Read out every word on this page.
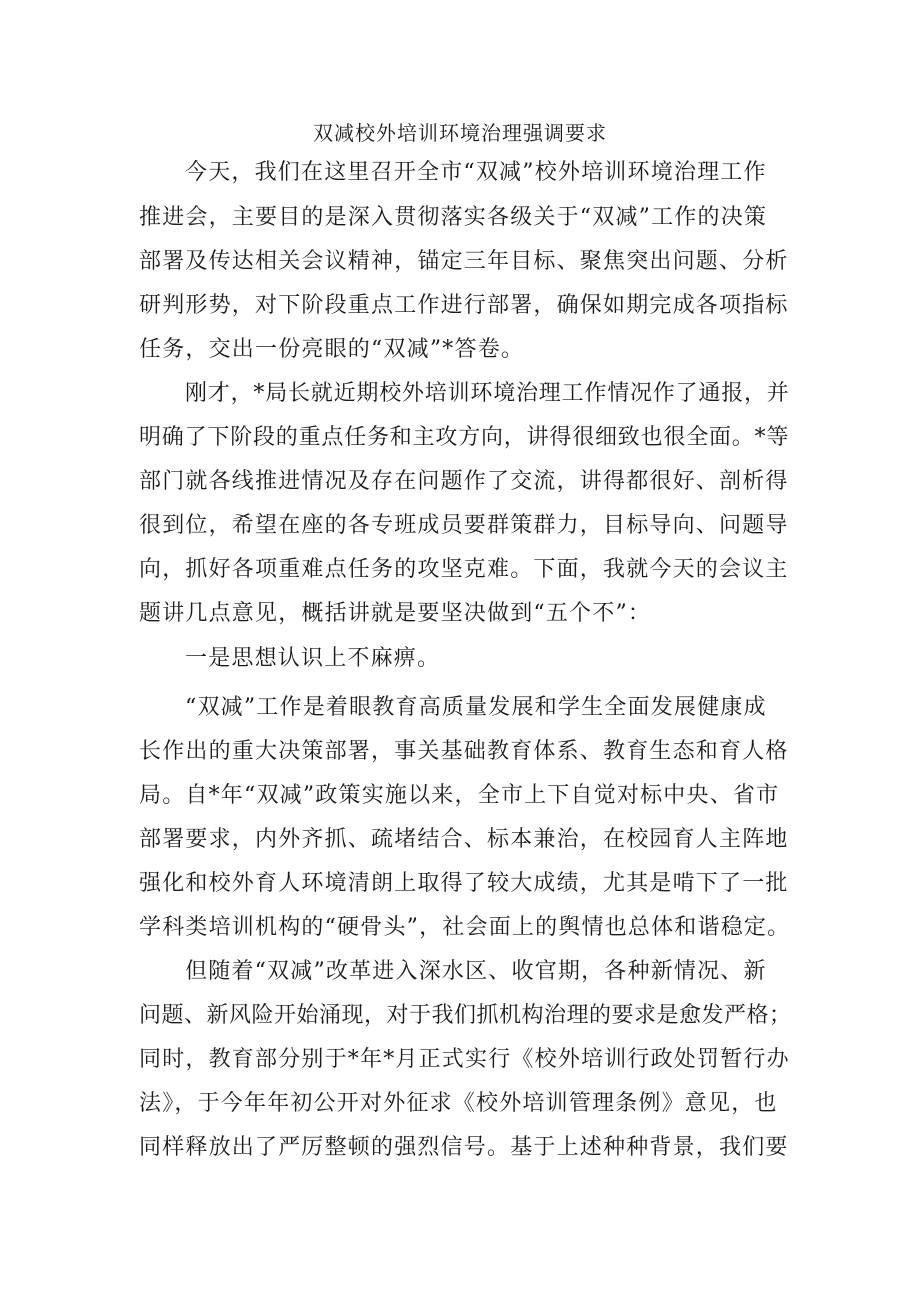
双减校外培训环境治理强调要求
今天，我们在这里召开全市“双减”校外培训环境治理工作
推进会，主要目的是深入贯彻落实各级关于“双减”工作的决策
部署及传达相关会议精神，锚定三年目标、聚焦突出问题、分析
研判形势，对下阶段重点工作进行部署，确保如期完成各项指标
任务，交出一份亮眼的“双减”*答卷。
刚才，*局长就近期校外培训环境治理工作情况作了通报，并
明确了下阶段的重点任务和主攻方向，讲得很细致也很全面。*等
部门就各线推进情况及存在问题作了交流，讲得都很好、剖析得
很到位，希望在座的各专班成员要群策群力，目标导向、问题导
向，抓好各项重难点任务的攻坚克难。下面，我就今天的会议主
题讲几点意见，概括讲就是要坚决做到“五个不”：
一是思想认识上不麻痹。
“双减”工作是着眼教育高质量发展和学生全面发展健康成
长作出的重大决策部署，事关基础教育体系、教育生态和育人格
局。自*年“双减”政策实施以来，全市上下自觉对标中央、省市
部署要求，内外齐抓、疏堵结合、标本兼治，在校园育人主阵地
强化和校外育人环境清朗上取得了较大成绩，尤其是啃下了一批
学科类培训机构的“硬骨头”，社会面上的舆情也总体和谐稳定。
但随着“双减”改革进入深水区、收官期，各种新情况、新
问题、新风险开始涌现，对于我们抓机构治理的要求是愈发严格；
同时，教育部分别于*年*月正式实行《校外培训行政处罚暂行办
法》，于今年年初公开对外征求《校外培训管理条例》意见，也
同样释放出了严厉整顿的强烈信号。基于上述种种背景，我们要
